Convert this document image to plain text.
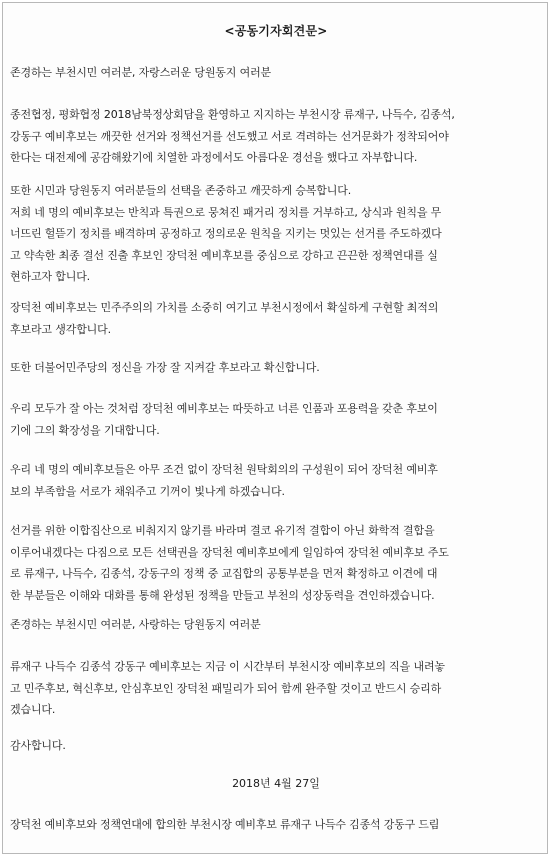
<공동기자회견문>
존경하는 부천시민 여러분, 자랑스러운 당원동지 여러분
종전협정, 평화협정 2018남북정상회담을 환영하고 지지하는 부천시장 류재구, 나득수, 김종석,
강동구 예비후보는 깨끗한 선거와 정책선거를 선도했고 서로 격려하는 선거문화가 정착되어야
한다는 대전제에 공감해왔기에 치열한 과정에서도 아름다운 경선을 했다고 자부합니다.
또한 시민과 당원동지 여러분들의 선택을 존중하고 깨끗하게 승복합니다.
저희 네 명의 예비후보는 반칙과 특권으로 뭉쳐진 패거리 정치를 거부하고, 상식과 원칙을 무
너뜨린 헐뜯기 정치를 배격하며 공정하고 정의로운 원칙을 지키는 멋있는 선거를 주도하겠다
고 약속한 최종 결선 진출 후보인 장덕천 예비후보를 중심으로 강하고 끈끈한 정책연대를 실
현하고자 합니다.
장덕천 예비후보는 민주주의의 가치를 소중히 여기고 부천시정에서 확실하게 구현할 최적의
후보라고 생각합니다.
또한 더불어민주당의 정신을 가장 잘 지켜갈 후보라고 확신합니다.
우리 모두가 잘 아는 것처럼 장덕천 예비후보는 따뜻하고 너른 인품과 포용력을 갖춘 후보이
기에 그의 확장성을 기대합니다.
우리 네 명의 예비후보들은 아무 조건 없이 장덕천 원탁회의의 구성원이 되어 장덕천 예비후
보의 부족함을 서로가 채워주고 기꺼이 빛나게 하겠습니다.
선거를 위한 이합집산으로 비춰지지 않기를 바라며 결코 유기적 결합이 아닌 화학적 결합을
이루어내겠다는 다짐으로 모든 선택권을 장덕천 예비후보에게 일임하여 장덕천 예비후보 주도
로 류재구, 나득수, 김종석, 강동구의 정책 중 교집합의 공통부분을 먼저 확정하고 이견에 대
한 부분들은 이해와 대화를 통해 완성된 정책을 만들고 부천의 성장동력을 견인하겠습니다.
존경하는 부천시민 여러분, 사랑하는 당원동지 여러분
류재구 나득수 김종석 강동구 예비후보는 지금 이 시간부터 부천시장 예비후보의 직을 내려놓
고 민주후보, 혁신후보, 안심후보인 장덕천 패밀리가 되어 함께 완주할 것이고 반드시 승리하
겠습니다.
감사합니다.
2018년 4월 27일
장덕천 예비후보와 정책연대에 합의한 부천시장 예비후보 류재구 나득수 김종석 강동구 드림
